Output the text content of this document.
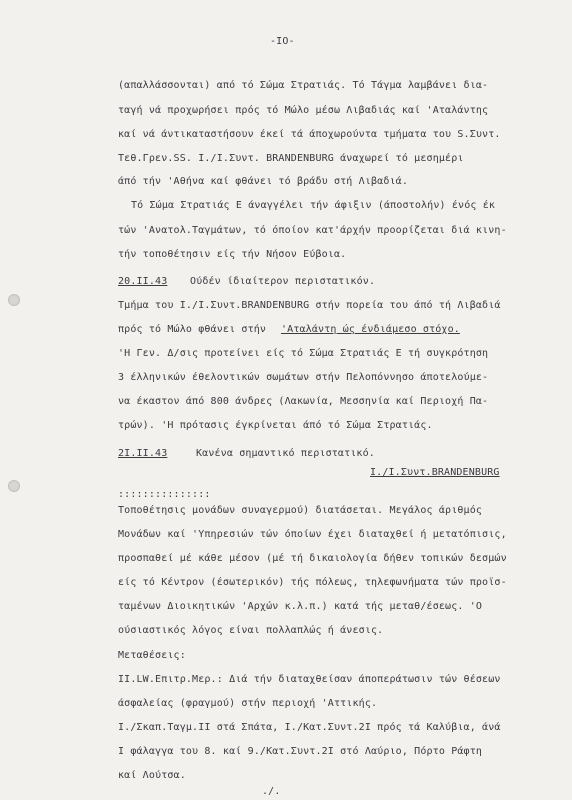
-IO-
(απαλλάσσονται) από τό Σώμα Στρατιάς. Τό Τάγμα λαμβάνει δια-
ταγή νά προχωρήσει πρός τό Μώλο μέσω Λιβαδιάς καί 'Αταλάντης
καί νά άντικαταστήσουν έκεί τά άποχωρούντα τμήματα του S.Συντ.
Τεθ.Γρεν.SS. Ι./Ι.Συντ. BRANDENBURG άναχωρεί τό μεσημέρι
άπό τήν 'Αθήνα καί φθάνει τό βράδυ στή Λιβαδιά.
Τό Σώμα Στρατιάς Ε άναγγέλει τήν άφιξιν (άποστολήν) ένός έκ
τών 'Ανατολ.Ταγμάτων, τό όποίον κατ'άρχήν προορίζεται διά κινη-
τήν τοποθέτησιν είς τήν Νήσον Εύβοια.
20.II.43 Ούδέν ίδιαίτερον περιστατικόν.
Τμήμα του Ι./Ι.Συντ.BRANDENBURG στήν πορεία του άπό τή Λιβαδιά
πρός τό Μώλο φθάνει στήν 'Αταλάντη ώς ένδιάμεσο στόχο.
'Η Γεν. Δ/σις προτείνει είς τό Σώμα Στρατιάς Ε τή συγκρότηση
3 έλληνικών έθελοντικών σωμάτων στήν Πελοπόννησο άποτελούμε-
να έκαστον άπό 800 άνδρες (Λακωνία, Μεσσηνία καί Περιοχή Πα-
τρών). 'Η πρότασις έγκρίνεται άπό τό Σώμα Στρατιάς.
2I.II.43	Κανένα σημαντικό περιστατικό.
Ι./Ι.Συντ.BRANDENBURG
:::::::::::::::
Τοποθέτησις μονάδων συναγερμού) διατάσεται. Μεγάλος άριθμός
Μονάδων καί 'Υπηρεσιών τών όποίων έχει διαταχθεί ή μετατόπισις,
προσπαθεί μέ κάθε μέσον (μέ τή δικαιολογία δήθεν τοπικών δεσμών
είς τό Κέντρον (έσωτερικόν) τής πόλεως, τηλεφωνήματα τών προϊσ-
ταμένων Διοικητικών 'Αρχών κ.λ.π.) κατά τής μεταθ/έσεως. 'Ο
ούσιαστικός λόγος είναι πολλαπλώς ή άνεσις.
Μεταθέσεις:
ΙΙ.LW.Επιτρ.Μερ.: Διά τήν διαταχθείσαν άποπεράτωσιν τών θέσεων
άσφαλείας (φραγμού) στήν περιοχή 'Αττικής.
Ι./Σκαπ.Ταγμ.ΙΙ στά Σπάτα, Ι./Κατ.Συντ.2Ι πρός τά Καλύβια, άνά
Ι φάλαγγα του 8. καί 9./Κατ.Συντ.2Ι στό Λαύριο, Πόρτο Ράφτη
καί Λούτσα.
./.
